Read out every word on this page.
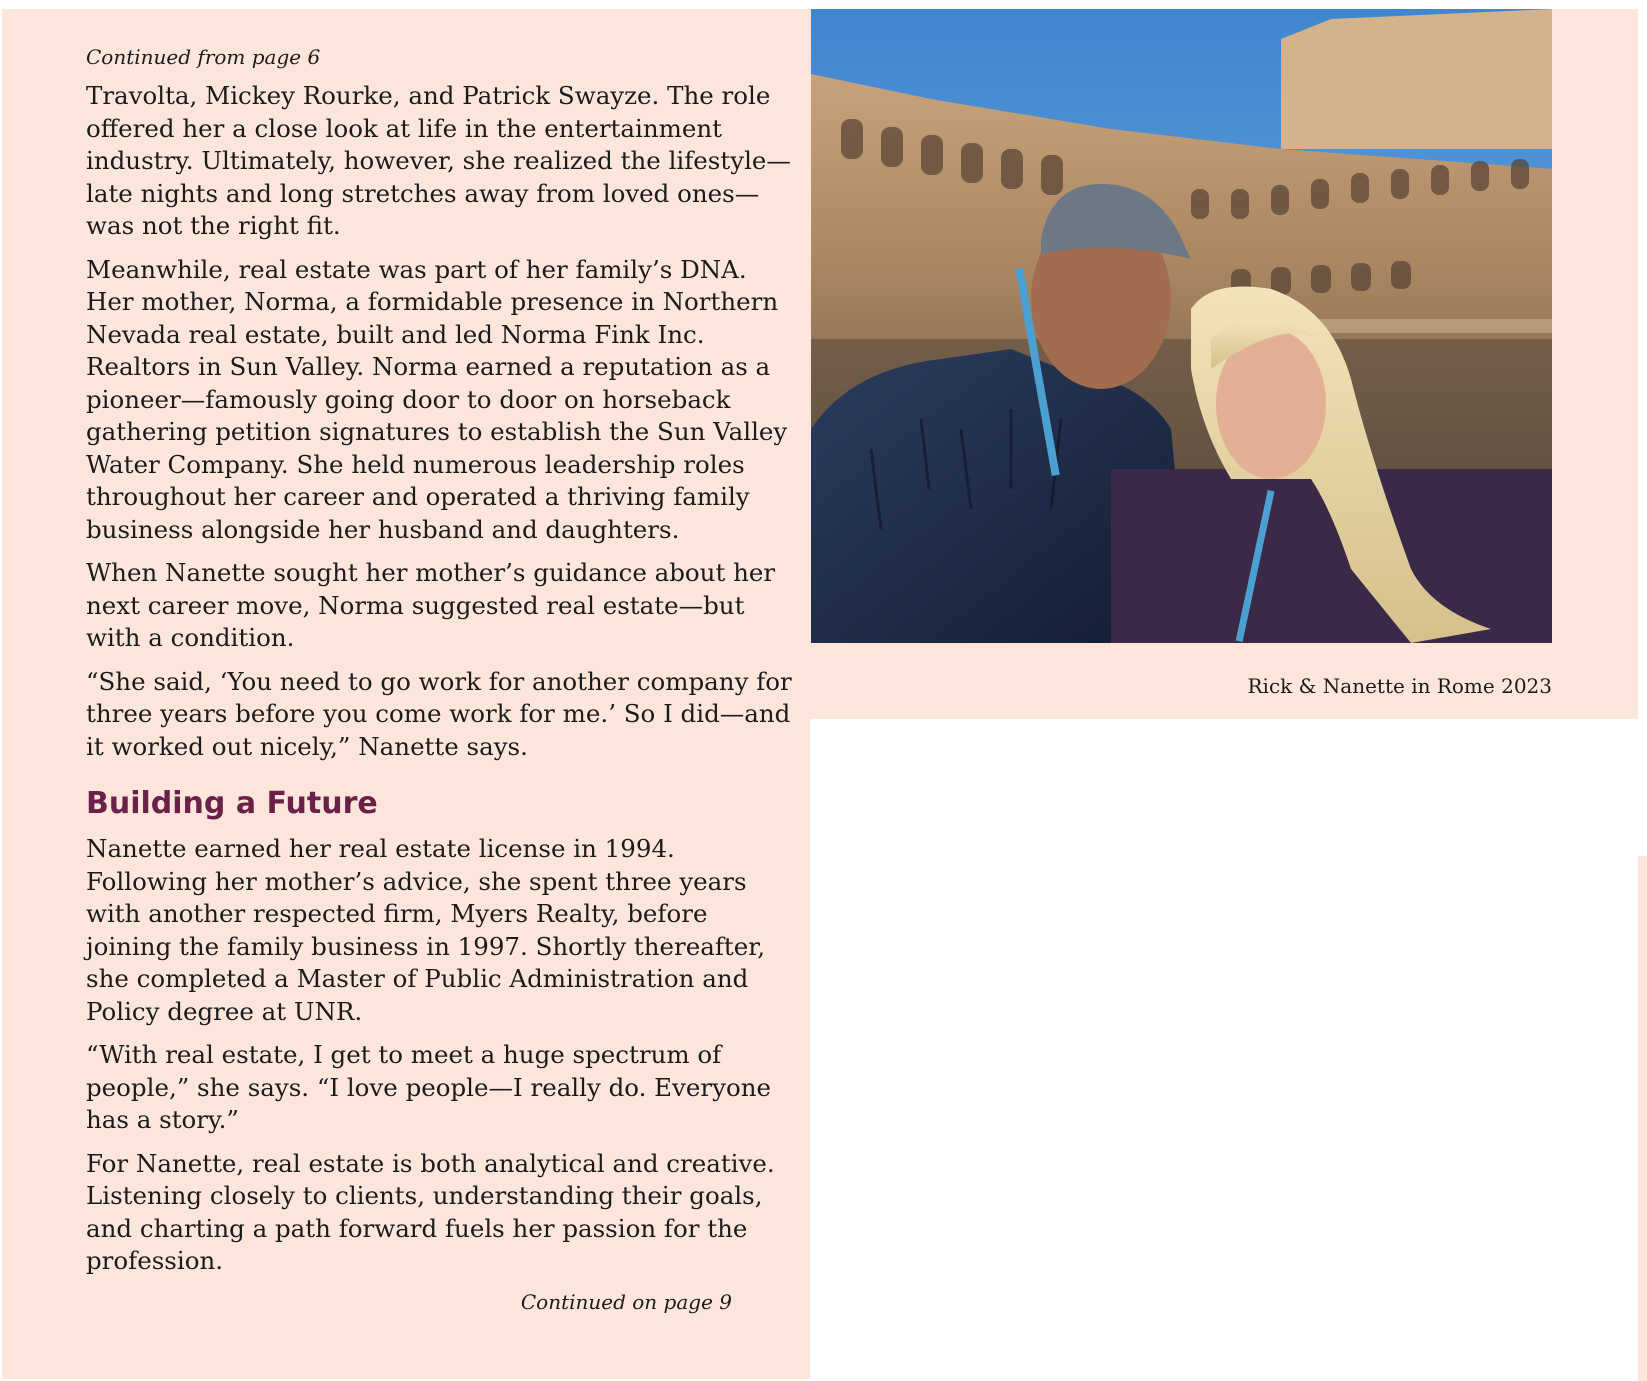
Continued from page 6

Travolta, Mickey Rourke, and Patrick Swayze. The role offered her a close look at life in the entertainment industry. Ultimately, however, she realized the lifestyle—late nights and long stretches away from loved ones—was not the right fit.

Meanwhile, real estate was part of her family’s DNA. Her mother, Norma, a formidable presence in Northern Nevada real estate, built and led Norma Fink Inc. Realtors in Sun Valley. Norma earned a reputation as a pioneer—famously going door to door on horseback gathering petition signatures to establish the Sun Valley Water Company. She held numerous leadership roles throughout her career and operated a thriving family business alongside her husband and daughters.

When Nanette sought her mother’s guidance about her next career move, Norma suggested real estate—but with a condition.

“She said, ‘You need to go work for another company for three years before you come work for me.’ So I did—and it worked out nicely,” Nanette says.

Building a Future

Nanette earned her real estate license in 1994. Following her mother’s advice, she spent three years with another respected firm, Myers Realty, before joining the family business in 1997. Shortly thereafter, she completed a Master of Public Administration and Policy degree at UNR.

“With real estate, I get to meet a huge spectrum of people,” she says. “I love people—I really do. Everyone has a story.”

For Nanette, real estate is both analytical and creative. Listening closely to clients, understanding their goals, and charting a path forward fuels her passion for the profession.

Continued on page 9

Rick & Nanette in Rome 2023
